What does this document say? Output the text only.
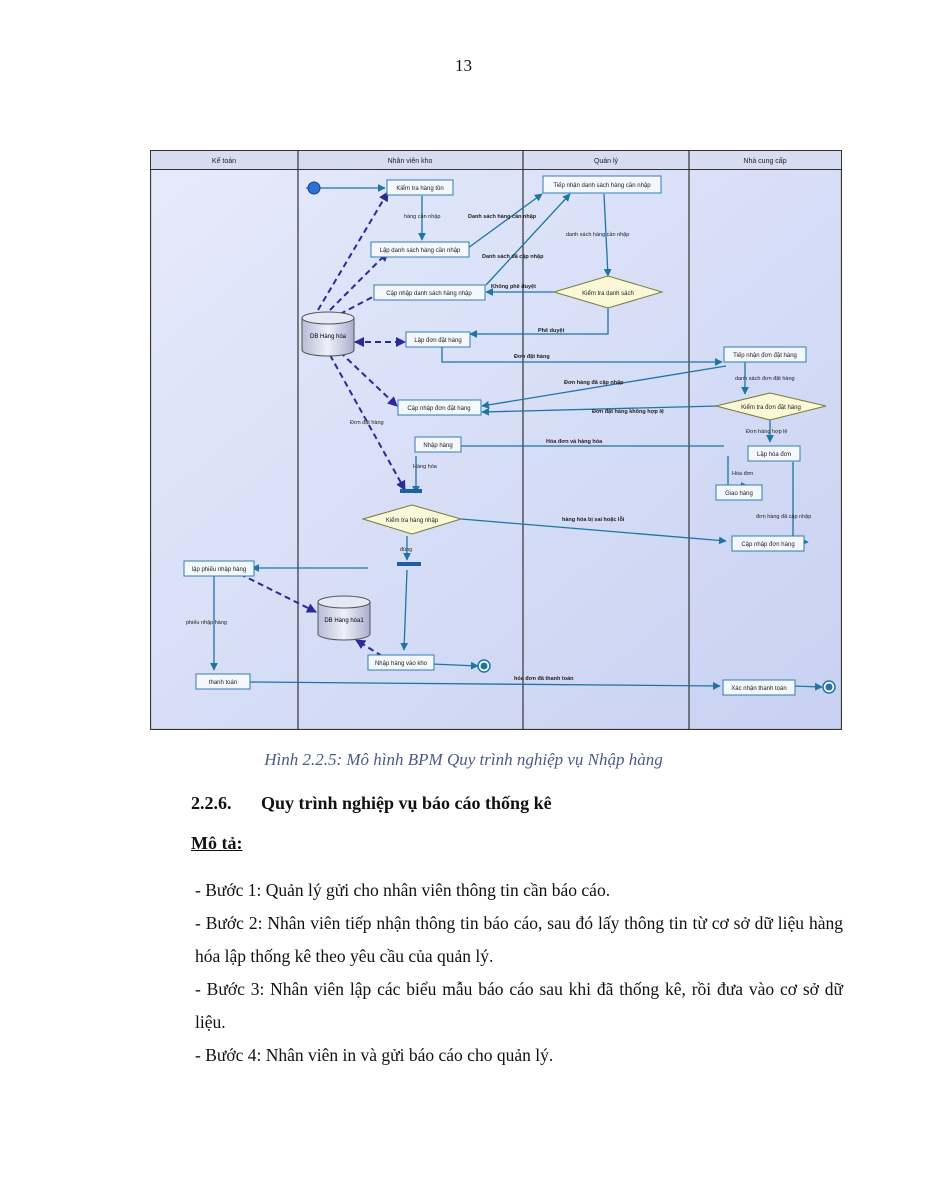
13
Kế toán	Nhân viên kho	Quản lý	Nhà cung cấp
DB Hàng hóa
DB Hàng hóa1
Kiểm tra hàng tồn
Lập danh sách hàng cần nhập
Cập nhập danh sách hàng nhập
Lập đơn đặt hàng
Cập nhập đơn đặt hàng
Nhập hàng
Tiếp nhận danh sách hàng cần nhập
Tiếp nhận đơn đặt hàng
Lập hóa đơn
Giao hàng
Cập nhập đơn hàng
lập phiếu nhập hàng
Nhập hàng vào kho
thanh toán
Xác nhận thanh toán
Kiểm tra danh sách
Kiểm tra đơn đặt hàng
Kiểm tra hàng nhập
hàng cần nhập	Danh sách hàng cần nhập
danh sách hàng cần nhập
Danh sách đã cập nhập
Không phê duyệt
Phê duyệt
Đơn đặt hàng
danh sách đơn đặt hàng
Đơn hàng đã cập nhập
Đơn đặt hàng không hợp lệ
Đơn hàng hợp lệ
Đơn đặt hàng
Hóa đơn và hàng hóa
Hàng hóa
Hóa đơn
đơn hàng đã cập nhập
hàng hóa bị sai hoặc lỗi
đúng
phiếu nhập hàng
hóa đơn đã thanh toán
Hình 2.2.5: Mô hình BPM Quy trình nghiệp vụ Nhập hàng
2.2.6. Quy trình nghiệp vụ báo cáo thống kê
Mô tả:

- Bước 1: Quản lý gửi cho nhân viên thông tin cần báo cáo.

- Bước 2: Nhân viên tiếp nhận thông tin báo cáo, sau đó lấy thông tin từ cơ sở dữ liệu hàng hóa lập thống kê theo yêu cầu của quản lý.

- Bước 3: Nhân viên lập các biểu mẫu báo cáo sau khi đã thống kê, rồi đưa vào cơ sở dữ liệu.

- Bước 4: Nhân viên in và gửi báo cáo cho quản lý.
